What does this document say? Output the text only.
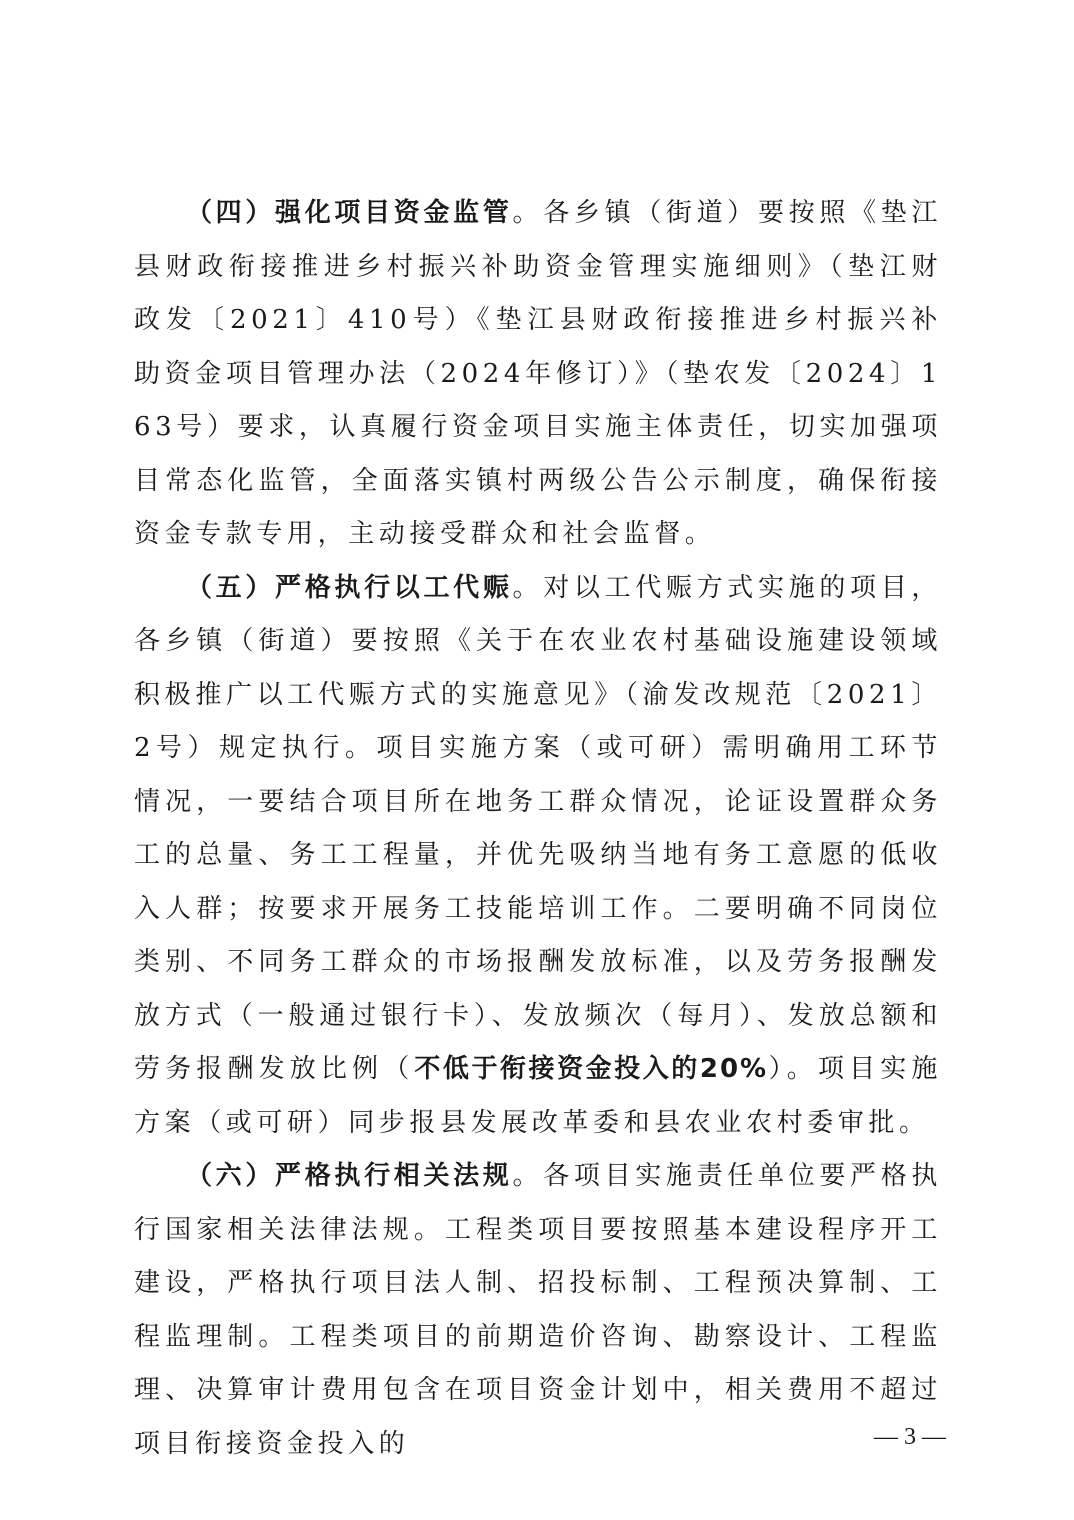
（四）强化项目资金监管。各乡镇（街道）要按照《垫江县财政衔接推进乡村振兴补助资金管理实施细则》（垫江财政发〔2021〕410号）《垫江县财政衔接推进乡村振兴补助资金项目管理办法（2024年修订）》（垫农发〔2024〕163号）要求，认真履行资金项目实施主体责任，切实加强项目常态化监管，全面落实镇村两级公告公示制度，确保衔接资金专款专用，主动接受群众和社会监督。

（五）严格执行以工代赈。对以工代赈方式实施的项目，各乡镇（街道）要按照《关于在农业农村基础设施建设领域积极推广以工代赈方式的实施意见》（渝发改规范〔2021〕2号）规定执行。项目实施方案（或可研）需明确用工环节情况，一要结合项目所在地务工群众情况，论证设置群众务工的总量、务工工程量，并优先吸纳当地有务工意愿的低收入人群；按要求开展务工技能培训工作。二要明确不同岗位类别、不同务工群众的市场报酬发放标准，以及劳务报酬发放方式（一般通过银行卡）、发放频次（每月）、发放总额和劳务报酬发放比例（不低于衔接资金投入的20%）。项目实施方案（或可研）同步报县发展改革委和县农业农村委审批。

（六）严格执行相关法规。各项目实施责任单位要严格执行国家相关法律法规。工程类项目要按照基本建设程序开工建设，严格执行项目法人制、招投标制、工程预决算制、工程监理制。工程类项目的前期造价咨询、勘察设计、工程监理、决算审计费用包含在项目资金计划中，相关费用不超过项目衔接资金投入的	— 3 —
